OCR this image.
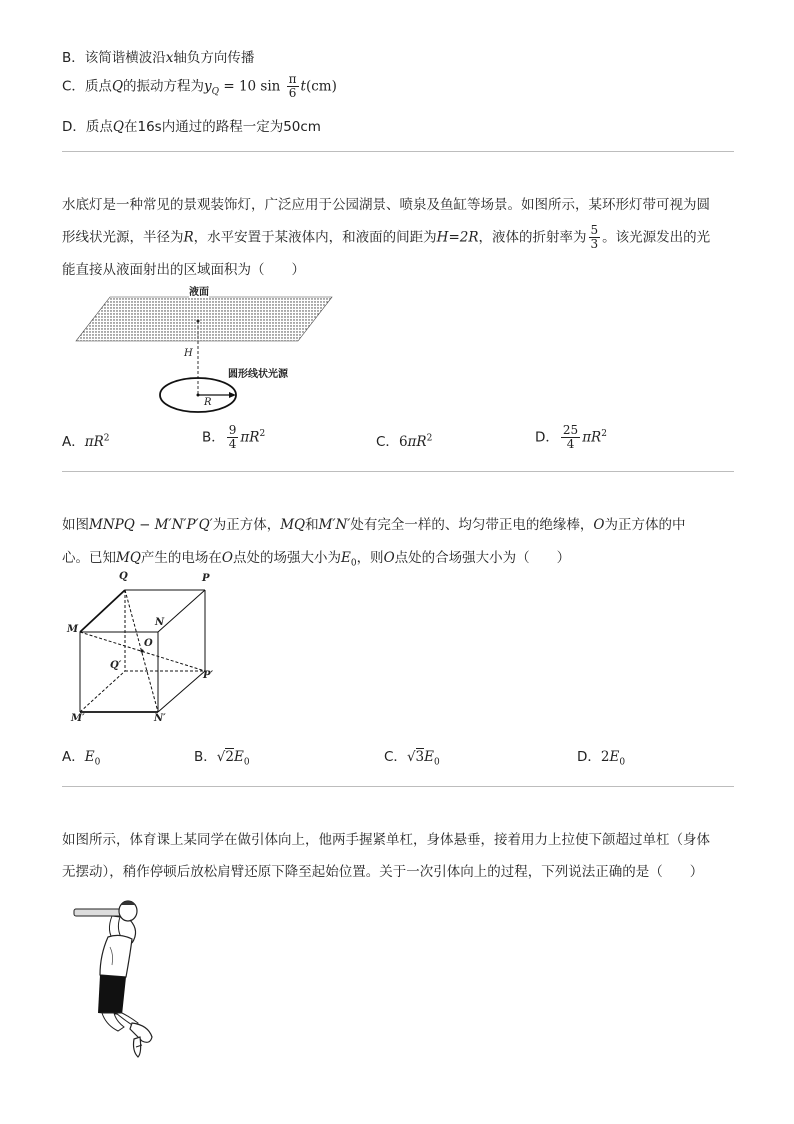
B．该简谐横波沿x轴负方向传播
C．质点Q的振动方程为$y_Q = 10$ $\sin \frac{\pi}{6} t(cm)$
D．质点Q在16s内通过的路程一定为50cm
水底灯是一种常见的景观装饰灯，广泛应用于公园湖景、喷泉及鱼缸等场景。如图所示，某环形灯带可视为圆
形线状光源，半径为R，水平安置于某液体内，和液面的间距为H=2R，液体的折射率为 $\frac{5}{3}$ 。该光源发出的光
能直接从液面射出的区域面积为（　　）
液面
H
圆形线状光源
R
A．$\pi R^2$	B． $\frac{9}{4} \pi R^2$	C．$6\pi R^2$	D． $\frac{25}{4} \pi R^2$
如图MNPQ − M′N′P′Q′为正方体，MQ和M′N′处有完全一样的、均匀带正电的绝缘棒，O为正方体的中
心。已知MQ产生的电场在O点处的场强大小为$E_0$，则O点处的合场强大小为（　　）
Q	P
M
N
O
Q′
P′
M′	N′
A．$E_0$	B．$√2E_0$	C．$√3E_0$	D．$2E_0$
如图所示，体育课上某同学在做引体向上，他两手握紧单杠，身体悬垂，接着用力上拉使下颌超过单杠（身体
无摆动），稍作停顿后放松肩臂还原下降至起始位置。关于一次引体向上的过程，下列说法正确的是（　　）
